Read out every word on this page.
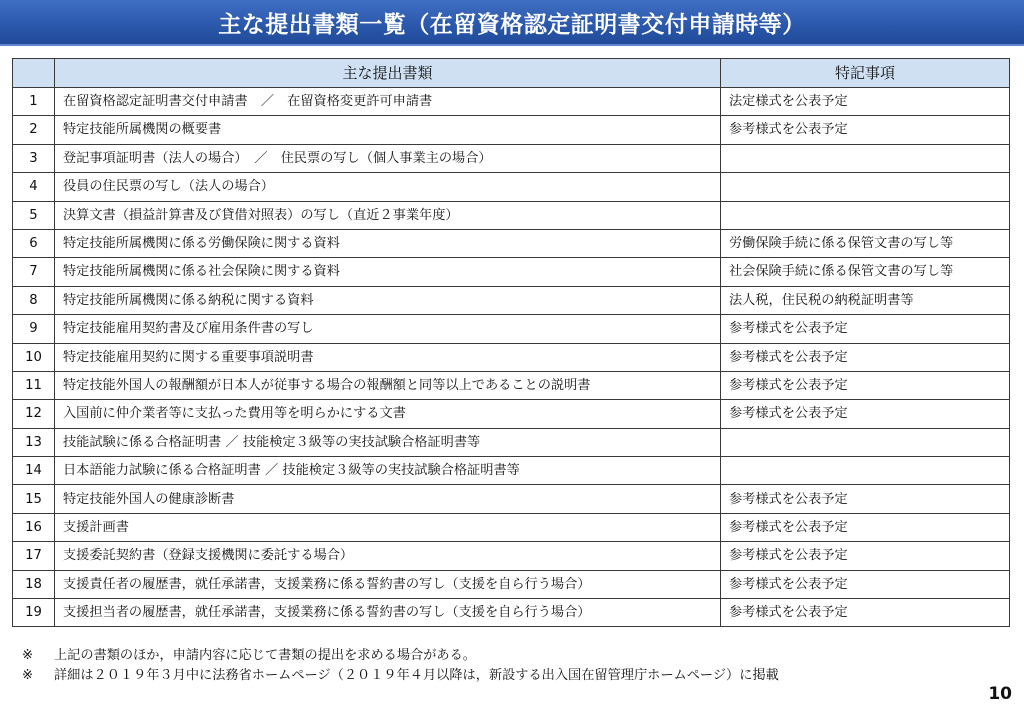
主な提出書類一覧（在留資格認定証明書交付申請時等）
	主な提出書類	特記事項
1	在留資格認定証明書交付申請書　／　在留資格変更許可申請書	法定様式を公表予定
2	特定技能所属機関の概要書	参考様式を公表予定
3	登記事項証明書（法人の場合）　／　住民票の写し（個人事業主の場合）	
4	役員の住民票の写し（法人の場合）	
5	決算文書（損益計算書及び貸借対照表）の写し（直近２事業年度）	
6	特定技能所属機関に係る労働保険に関する資料	労働保険手続に係る保管文書の写し等
7	特定技能所属機関に係る社会保険に関する資料	社会保険手続に係る保管文書の写し等
8	特定技能所属機関に係る納税に関する資料	法人税，住民税の納税証明書等
9	特定技能雇用契約書及び雇用条件書の写し	参考様式を公表予定
10	特定技能雇用契約に関する重要事項説明書	参考様式を公表予定
11	特定技能外国人の報酬額が日本人が従事する場合の報酬額と同等以上であることの説明書	参考様式を公表予定
12	入国前に仲介業者等に支払った費用等を明らかにする文書	参考様式を公表予定
13	技能試験に係る合格証明書 ／ 技能検定３級等の実技試験合格証明書等	
14	日本語能力試験に係る合格証明書 ／ 技能検定３級等の実技試験合格証明書等	
15	特定技能外国人の健康診断書	参考様式を公表予定
16	支援計画書	参考様式を公表予定
17	支援委託契約書（登録支援機関に委託する場合）	参考様式を公表予定
18	支援責任者の履歴書，就任承諾書，支援業務に係る誓約書の写し（支援を自ら行う場合）	参考様式を公表予定
19	支援担当者の履歴書，就任承諾書，支援業務に係る誓約書の写し（支援を自ら行う場合）	参考様式を公表予定
※	上記の書類のほか，申請内容に応じて書類の提出を求める場合がある。
※	詳細は２０１９年３月中に法務省ホームページ（２０１９年４月以降は，新設する出入国在留管理庁ホームページ）に掲載
10
